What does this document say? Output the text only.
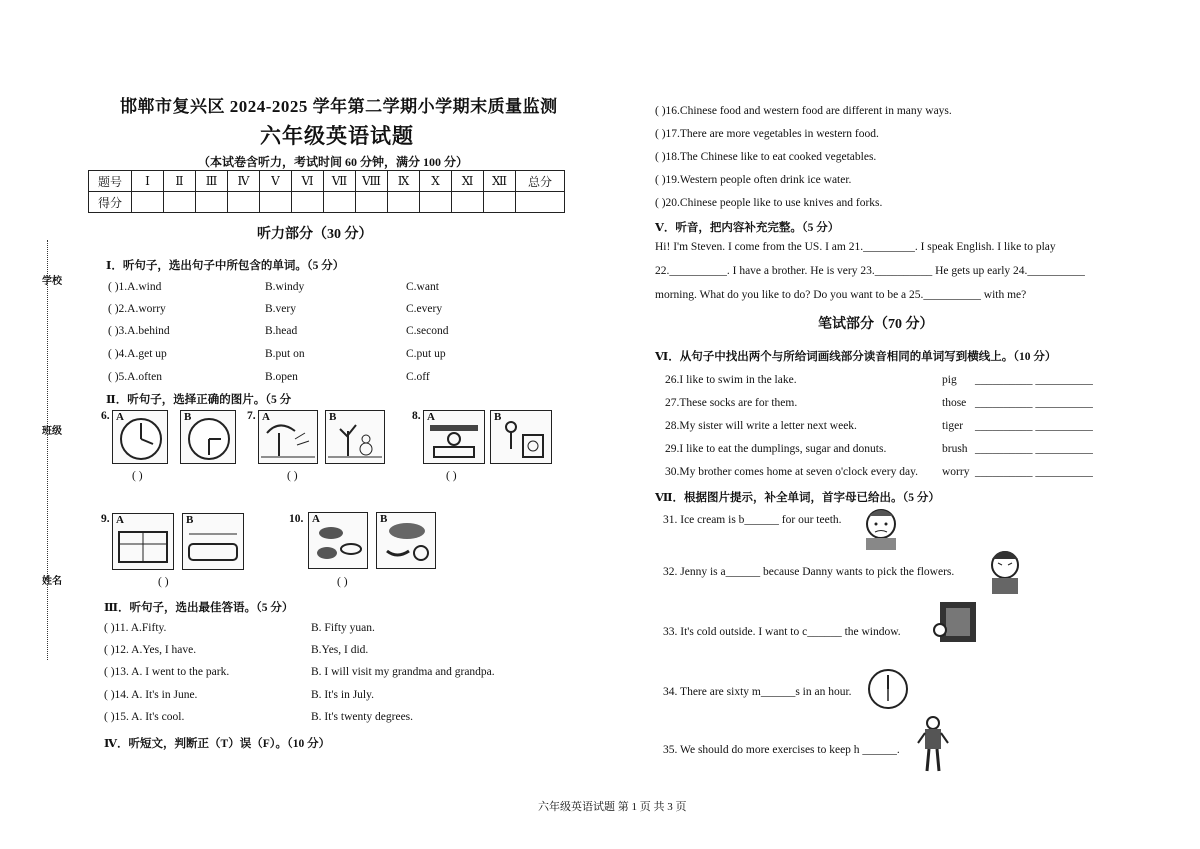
学校
班级
姓名
邯郸市复兴区 2024-2025 学年第二学期小学期末质量监测
六年级英语试题
（本试卷含听力，考试时间 60 分钟，满分 100 分）
题号	Ⅰ	Ⅱ	Ⅲ	Ⅳ	Ⅴ	Ⅵ	Ⅶ	Ⅷ	Ⅸ	Ⅹ	Ⅺ	Ⅻ	总分
得分													
听力部分（30 分）
Ⅰ．听句子，选出句子中所包含的单词。（5 分）
( )1.A.wind	B.windy	C.want
( )2.A.worry	B.very	C.every
( )3.A.behind	B.head	C.second
( )4.A.get up	B.put on	C.put up
( )5.A.often	B.open	C.off
Ⅱ．听句子，选择正确的图片。（5 分
6. A	B
( )
7. A	B
( )
8. A	B
( )
9. A	B
( )
10. A	B
( )
Ⅲ．听句子，选出最佳答语。（5 分）
( )11. A.Fifty.	B. Fifty yuan.
( )12. A.Yes, I have.	B.Yes, I did.
( )13. A. I went to the park.	B. I will visit my grandma and grandpa.
( )14. A. It's in June.	B. It's in July.
( )15. A. It's cool.	B. It's twenty degrees.
Ⅳ．听短文，判断正（T）误（F）。（10 分）
( )16.Chinese food and western food are different in many ways.
( )17.There are more vegetables in western food.
( )18.The Chinese like to eat cooked vegetables.
( )19.Western people often drink ice water.
( )20.Chinese people like to use knives and forks.
Ⅴ．听音，把内容补充完整。（5 分）
Hi! I'm Steven. I come from the US. I am 21._________. I speak English. I like to play
22.__________. I have a brother. He is very 23.__________ He gets up early 24.__________
morning. What do you like to do? Do you want to be a 25.__________ with me?
笔试部分（70 分）
Ⅵ．从句子中找出两个与所给词画线部分读音相同的单词写到横线上。（10 分）
26.I like to swim in the lake.	pig __________ __________
27.These socks are for them.	those __________ __________
28.My sister will write a letter next week.	tiger __________ __________
29.I like to eat the dumplings, sugar and donuts.	brush __________ __________
30.My brother comes home at seven o'clock every day. worry __________ __________
Ⅶ．根据图片提示，补全单词，首字母已给出。（5 分）
31. Ice cream is b______ for our teeth.
32. Jenny is a______ because Danny wants to pick the flowers.
33. It's cold outside. I want to c______ the window.
34. There are sixty m______s in an hour.
35. We should do more exercises to keep h ______.
六年级英语试题 第 1 页 共 3 页
